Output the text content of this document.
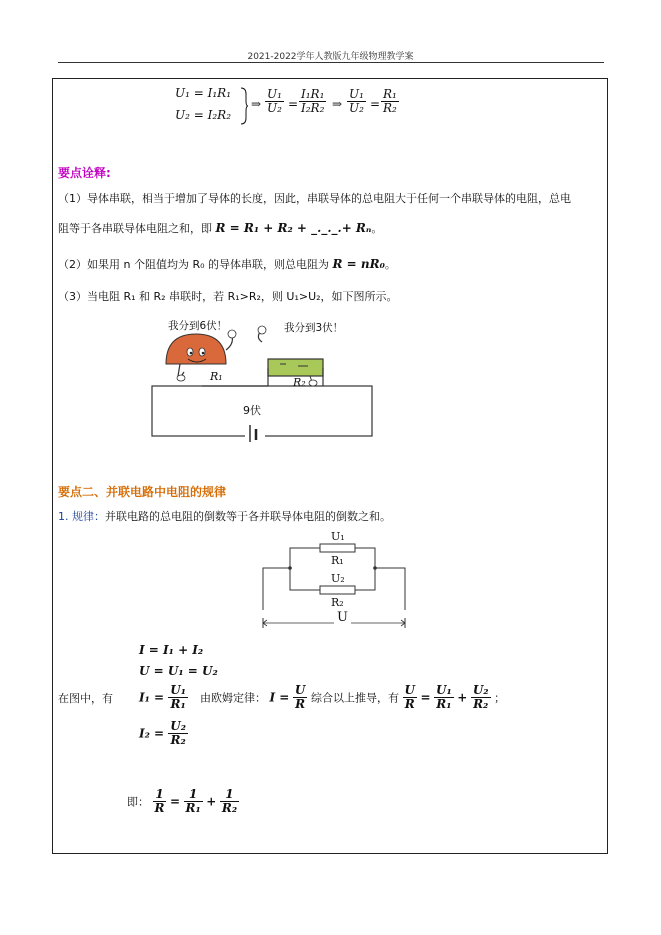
2021-2022学年人教版九年级物理教学案
U₁ = I₁R₁
U₂ = I₂R₂
⇒ $\frac{\text{U₁}}{\text{U₂}} = \frac{\text{I₁R₁}}{\text{I₂R₂}}$ ⇒ $\frac{\text{U₁}}{\text{U₂}} = \frac{\text{R₁}}{\text{R₂}}$
要点诠释:
（1）导体串联，相当于增加了导体的长度，因此，串联导体的总电阻大于任何一个串联导体的电阻，总电
阻等于各串联导体电阻之和，即 R = R₁ + R₂ + _._._.+ Rₙ。
（2）如果用 n 个阻值均为 R₀ 的导体串联，则总电阻为 R = nR₀。
（3）当电阻 R₁ 和 R₂ 串联时，若 R₁>R₂，则 U₁>U₂，如下图所示。
我分到6伏！	我分到3伏！
R₁	R₂
9伏
要点二、并联电路中电阻的规律
1. 规律：并联电路的总电阻的倒数等于各并联导体电阻的倒数之和。
U₁
R₁
U₂
R₂
U
I = I₁ + I₂
U = U₁ = U₂
在图中，有 $I_1 = \frac{\text{U₁}}{\text{R₁}}$
$I_2 = \frac{\text{U₂}}{\text{R₂}}$
由欧姆定律： $I = \frac{U}{R}$ 综合以上推导，有 $\frac{U}{R} = \frac{\text{U₁}}{\text{R₁}} + \frac{\text{U₂}}{\text{R₂}}$ ；
即： $\frac{1}{R} = \frac{1}{\text{R₁}} + \frac{1}{\text{R₂}}$
